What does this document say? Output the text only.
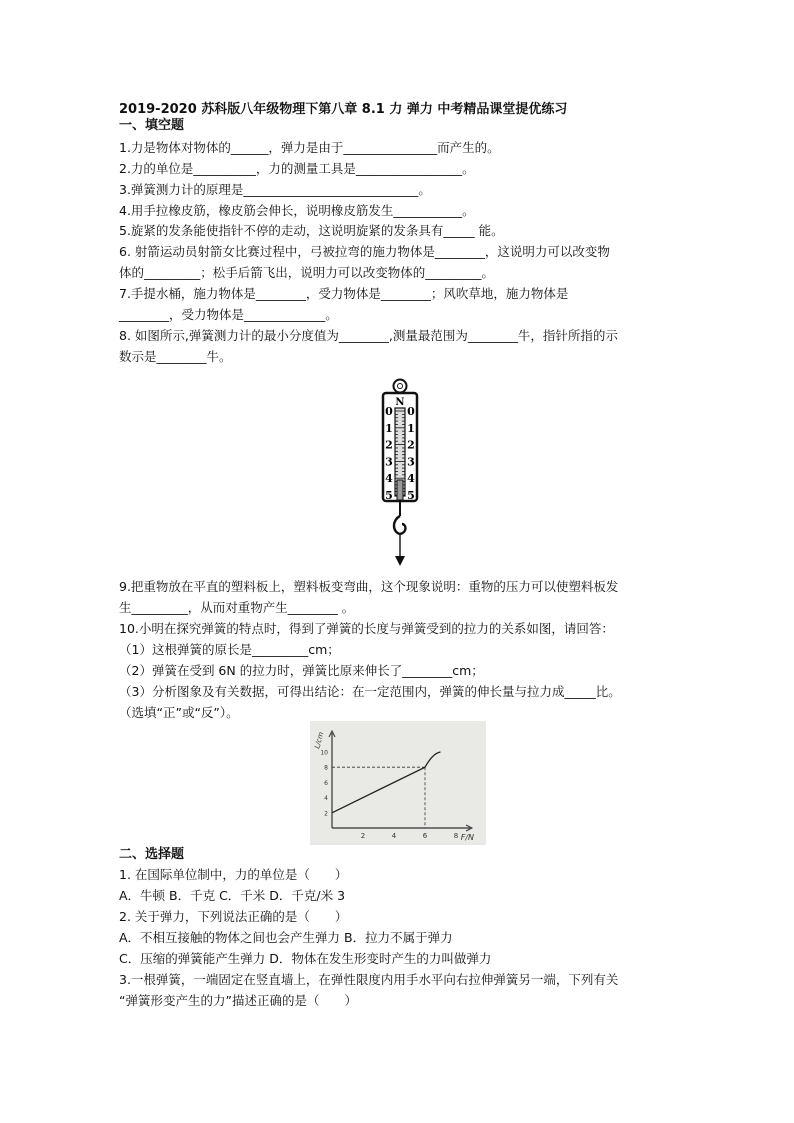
2019-2020 苏科版八年级物理下第八章 8.1 力 弹力 中考精品课堂提优练习
一、填空题
1.力是物体对物体的______，弹力是由于_______________而产生的。
2.力的单位是__________，力的测量工具是_________________。
3.弹簧测力计的原理是____________________________。
4.用手拉橡皮筋，橡皮筋会伸长，说明橡皮筋发生___________。
5.旋紧的发条能使指针不停的走动，这说明旋紧的发条具有_____ 能。
6. 射箭运动员射箭女比赛过程中，弓被拉弯的施力物体是________，这说明力可以改变物
体的_________；松手后箭飞出，说明力可以改变物体的_________。
7.手提水桶，施力物体是________，受力物体是________；风吹草地，施力物体是
________，受力物体是_____________。
8. 如图所示,弹簧测力计的最小分度值为________,测量最范围为________牛，指针所指的示
数示是________牛。
N
0 0
1 1
2 2
3 3
4 4
5 5
9.把重物放在平直的塑料板上，塑料板变弯曲，这个现象说明：重物的压力可以使塑料板发
生_________，从而对重物产生________ 。
10.小明在探究弹簧的特点时，得到了弹簧的长度与弹簧受到的拉力的关系如图，请回答：
（1）这根弹簧的原长是_________cm；
（2）弹簧在受到 6N 的拉力时，弹簧比原来伸长了________cm；
（3）分析图象及有关数据，可得出结论：在一定范围内，弹簧的伸长量与拉力成_____比。
（选填“正”或“反”）。
F/N
L/cm
2	4	6	8
2
4
6
8
10
二、选择题
1. 在国际单位制中，力的单位是（　　）
A．牛顿 B．千克 C．千米 D．千克/米 3
2. 关于弹力，下列说法正确的是（　　）
A．不相互接触的物体之间也会产生弹力 B．拉力不属于弹力
C．压缩的弹簧能产生弹力 D．物体在发生形变时产生的力叫做弹力
3.一根弹簧，一端固定在竖直墙上，在弹性限度内用手水平向右拉伸弹簧另一端，下列有关
“弹簧形变产生的力”描述正确的是（　　）
